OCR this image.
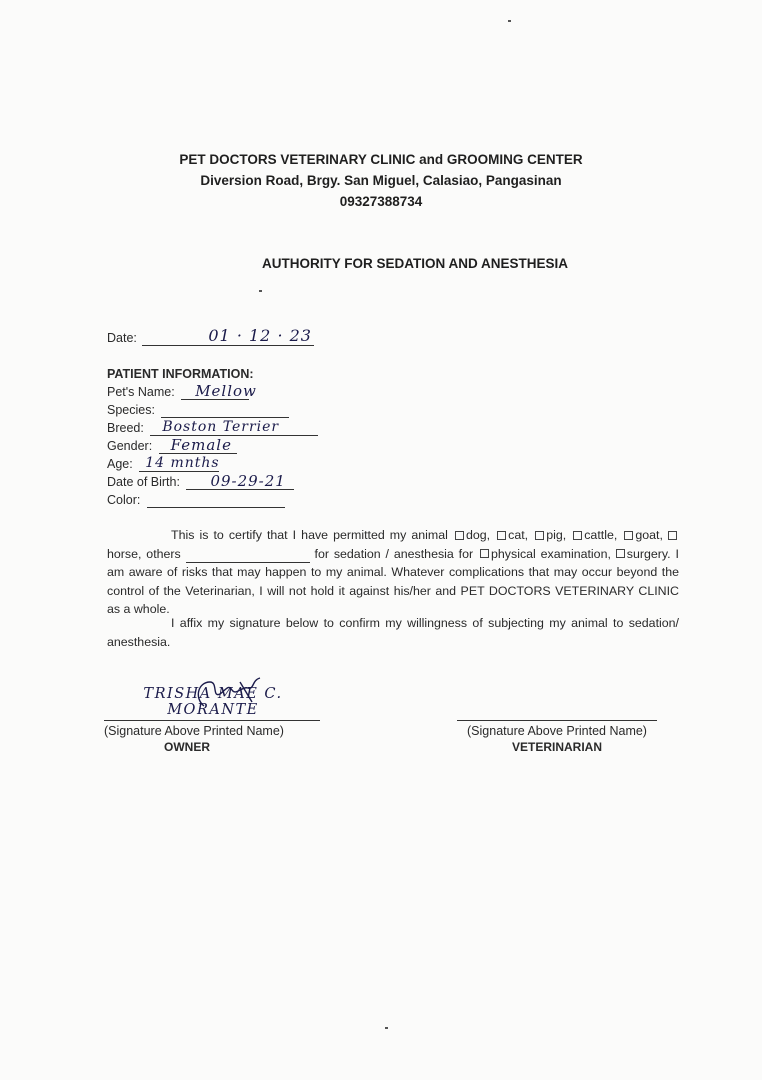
PET DOCTORS VETERINARY CLINIC and GROOMING CENTER
Diversion Road, Brgy. San Miguel, Calasiao, Pangasinan
09327388734
AUTHORITY FOR SEDATION AND ANESTHESIA
Date:	01 · 12 · 23
PATIENT INFORMATION:
Pet's Name: Mellow
Species:
Breed: Boston Terrier
Gender: Female
Age: 14 mnths
Date of Birth: 09-29-21
Color:
This is to certify that I have permitted my animal dog, cat, pig, cattle, goat, horse, others	for sedation / anesthesia for physical examination, surgery. I am aware of risks that may happen to my animal. Whatever complications that may occur beyond the control of the Veterinarian, I will not hold it against his/her and PET DOCTORS VETERINARY CLINIC as a whole.
I affix my signature below to confirm my willingness of subjecting my animal to sedation/ anesthesia.
TRISHA MAE C. MORANTE
(Signature Above Printed Name)
OWNER
(Signature Above Printed Name)
VETERINARIAN
